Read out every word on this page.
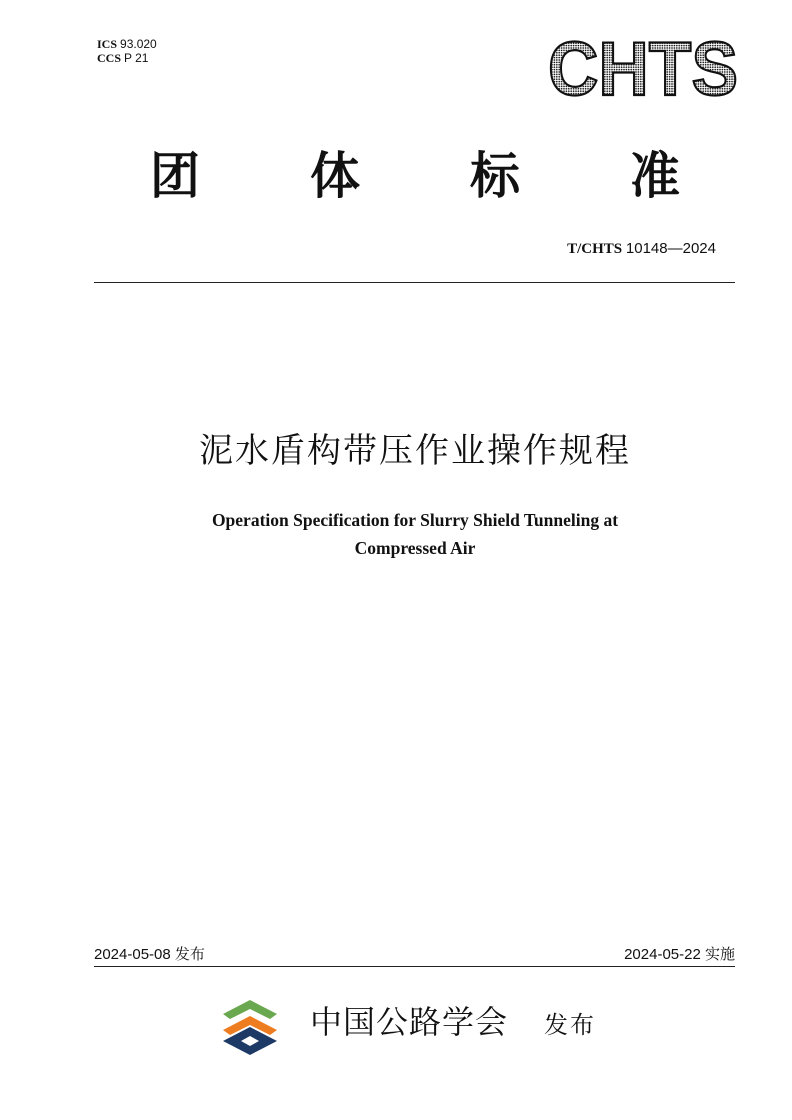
ICS 93.020
CCS P 21	CHTS
团 体 标 准
T/CHTS 10148—2024
泥水盾构带压作业操作规程
Operation Specification for Slurry Shield Tunneling at
Compressed Air
2024-05-08 发布	2024-05-22 实施
中国公路学会 发布
